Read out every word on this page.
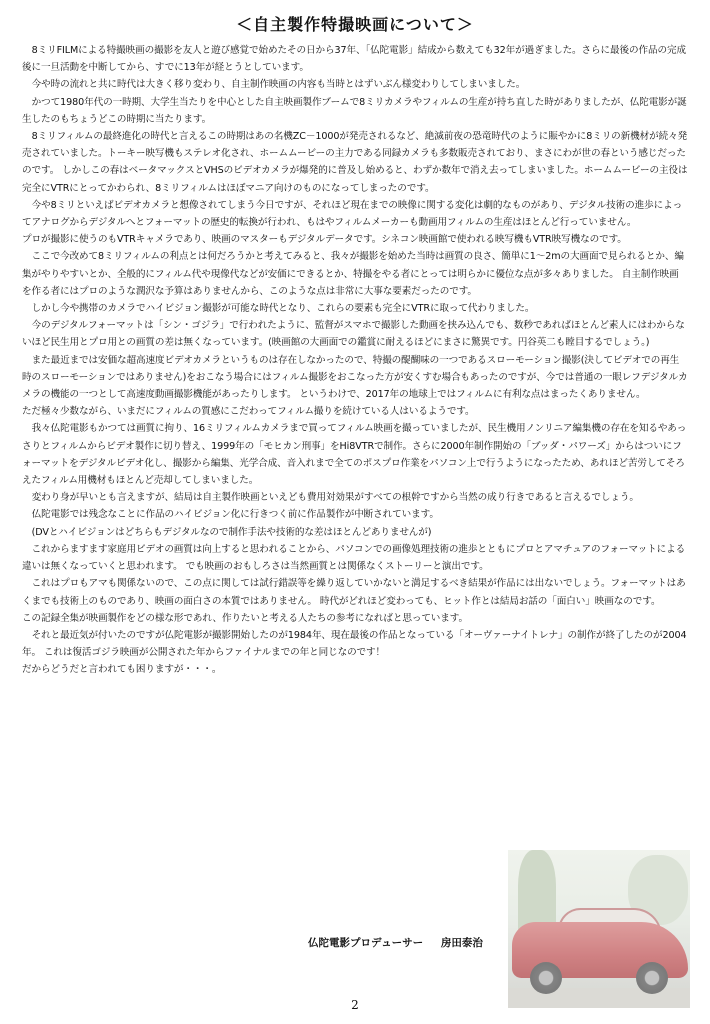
＜自主製作特撮映画について＞

8ミリFILMによる特撮映画の撮影を友人と遊び感覚で始めたその日から37年、「仏陀電影」結成から数えても32年が過ぎました。さらに最後の作品の完成後に一旦活動を中断してから、すでに13年が経とうとしています。

今や時の流れと共に時代は大きく移り変わり、自主制作映画の内容も当時とはずいぶん様変わりしてしまいました。

かつて1980年代の一時期、大学生当たりを中心とした自主映画製作ブームで8ミリカメラやフィルムの生産が持ち直した時がありましたが、仏陀電影が誕生したのもちょうどこの時期に当たります。

8ミリフィルムの最終進化の時代と言えるこの時期はあの名機ZC－1000が発売されるなど、絶滅前夜の恐竜時代のように賑やかに8ミリの新機材が続々発売されていました。トーキー映写機もステレオ化され、ホームムービーの主力である同録カメラも多数販売されており、まさにわが世の春という感じだったのです。 しかしこの春はベータマックスとVHSのビデオカメラが爆発的に普及し始めると、わずか数年で消え去ってしまいました。ホームムービーの主役は完全にVTRにとってかわられ、8ミリフィルムはほぼマニア向けのものになってしまったのです。

今や8ミリといえばビデオカメラと想像されてしまう今日ですが、それほど現在までの映像に関する変化は劇的なものがあり、デジタル技術の進歩によってアナログからデジタルへとフォーマットの歴史的転換が行われ、もはやフィルムメーカーも動画用フィルムの生産はほとんど行っていません。

プロが撮影に使うのもVTRキャメラであり、映画のマスターもデジタルデータです。シネコン映画館で使われる映写機もVTR映写機なのです。

ここで今改めて8ミリフィルムの利点とは何だろうかと考えてみると、我々が撮影を始めた当時は画質の良さ、簡単に1～2mの大画面で見られるとか、編集がやりやすいとか、全般的にフィルム代や現像代などが安価にできるとか、特撮をやる者にとっては明らかに優位な点が多々ありました。 自主制作映画を作る者にはプロのような潤沢な予算はありませんから、このような点は非常に大事な要素だったのです。

しかし今や携帯のカメラでハイビジョン撮影が可能な時代となり、これらの要素も完全にVTRに取って代わりました。

今のデジタルフォーマットは「シン・ゴジラ」で行われたように、監督がスマホで撮影した動画を挟み込んでも、数秒であればほとんど素人にはわからないほど民生用とプロ用との画質の差は無くなっています。(映画館の大画面での鑑賞に耐えるほどにまさに驚異です。円谷英二も瞠目するでしょう。)

また最近までは安価な超高速度ビデオカメラというものは存在しなかったので、特撮の醍醐味の一つであるスローモーション撮影(決してビデオでの再生時のスローモーションではありません)をおこなう場合にはフィルム撮影をおこなった方が安くすむ場合もあったのですが、今では普通の一眼レフデジタルカメラの機能の一つとして高速度動画撮影機能があったりします。 というわけで、2017年の地球上ではフィルムに有利な点はまったくありません。

ただ極々少数ながら、いまだにフィルムの質感にこだわってフィルム撮りを続けている人はいるようです。

我々仏陀電影もかつては画質に拘り、16ミリフィルムカメラまで買ってフィルム映画を撮っていましたが、民生機用ノンリニア編集機の存在を知るやあっさりとフィルムからビデオ製作に切り替え、1999年の「モヒカン刑事」をHi8VTRで制作。さらに2000年制作開始の「ブッダ・パワーズ」からはついにフォーマットをデジタルビデオ化し、撮影から編集、光学合成、音入れまで全てのポスプロ作業をパソコン上で行うようになったため、あれほど苦労してそろえたフィルム用機材もほとんど売却してしまいました。

変わり身が早いとも言えますが、結局は自主製作映画といえども費用対効果がすべての根幹ですから当然の成り行きであると言えるでしょう。

仏陀電影では残念なことに作品のハイビジョン化に行きつく前に作品製作が中断されています。

(DVとハイビジョンはどちらもデジタルなので制作手法や技術的な差はほとんどありませんが)

これからますます家庭用ビデオの画質は向上すると思われることから、パソコンでの画像処理技術の進歩とともにプロとアマチュアのフォーマットによる違いは無くなっていくと思われます。 でも映画のおもしろさは当然画質とは関係なくストーリーと演出です。

これはプロもアマも関係ないので、この点に関しては試行錯誤等を繰り返していかないと満足するべき結果が作品には出ないでしょう。フォーマットはあくまでも技術上のものであり、映画の面白さの本質ではありません。 時代がどれほど変わっても、ヒット作とは結局お話の「面白い」映画なのです。

この記録全集が映画製作をどの様な形であれ、作りたいと考える人たちの参考になればと思っています。

それと最近気が付いたのですが仏陀電影が撮影開始したのが1984年、現在最後の作品となっている「オーヴァーナイトレナ」の制作が終了したのが2004年。 これは復活ゴジラ映画が公開された年からファイナルまでの年と同じなのです！

だからどうだと言われても困りますが・・・。

仏陀電影プロデューサー 房田泰治
2
